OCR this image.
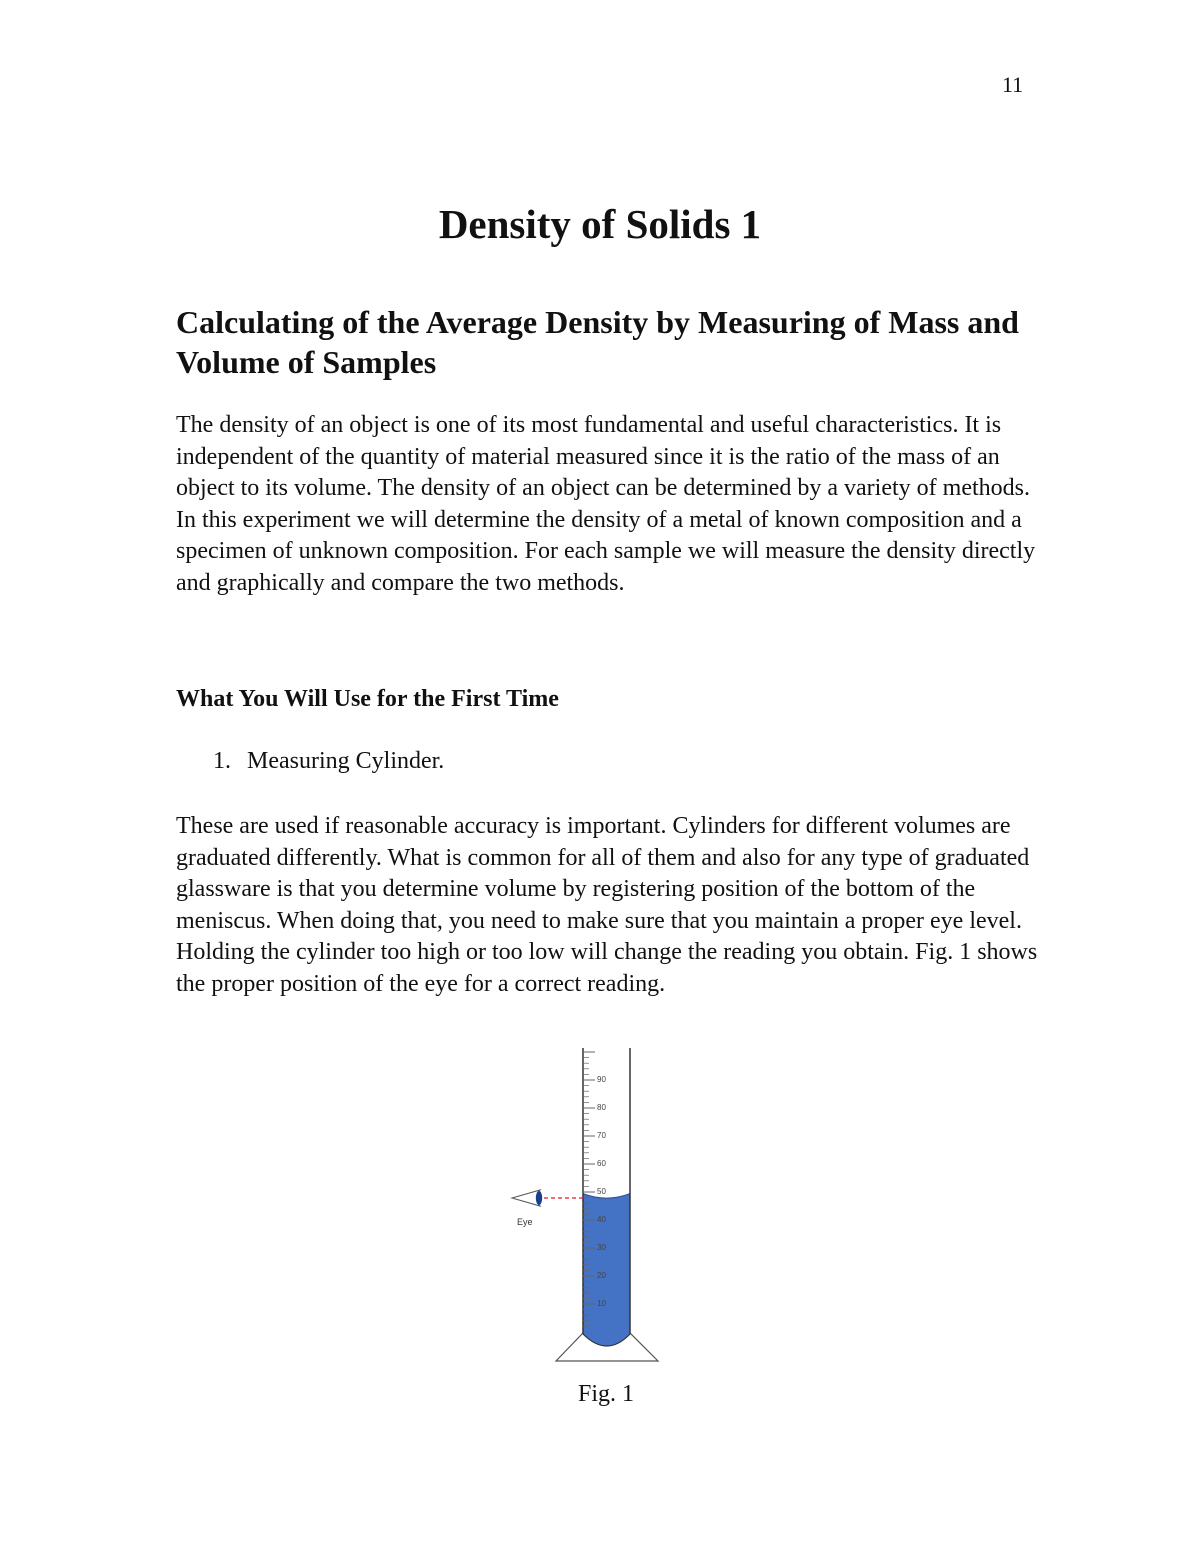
11
Density of Solids 1
Calculating of the Average Density by Measuring of Mass and Volume of Samples

The density of an object is one of its most fundamental and useful characteristics. It is independent of the quantity of material measured since it is the ratio of the mass of an object to its volume. The density of an object can be determined by a variety of methods. In this experiment we will determine the density of a metal of known composition and a specimen of unknown composition. For each sample we will measure the density directly and graphically and compare the two methods.

What You Will Use for the First Time
1. Measuring Cylinder.

These are used if reasonable accuracy is important. Cylinders for different volumes are graduated differently. What is common for all of them and also for any type of graduated glassware is that you determine volume by registering position of the bottom of the meniscus. When doing that, you need to make sure that you maintain a proper eye level.
Holding the cylinder too high or too low will change the reading you obtain. Fig. 1 shows the proper position of the eye for a correct reading.

90
80
70
60
50
40
30
20
10
Eye
Fig. 1
